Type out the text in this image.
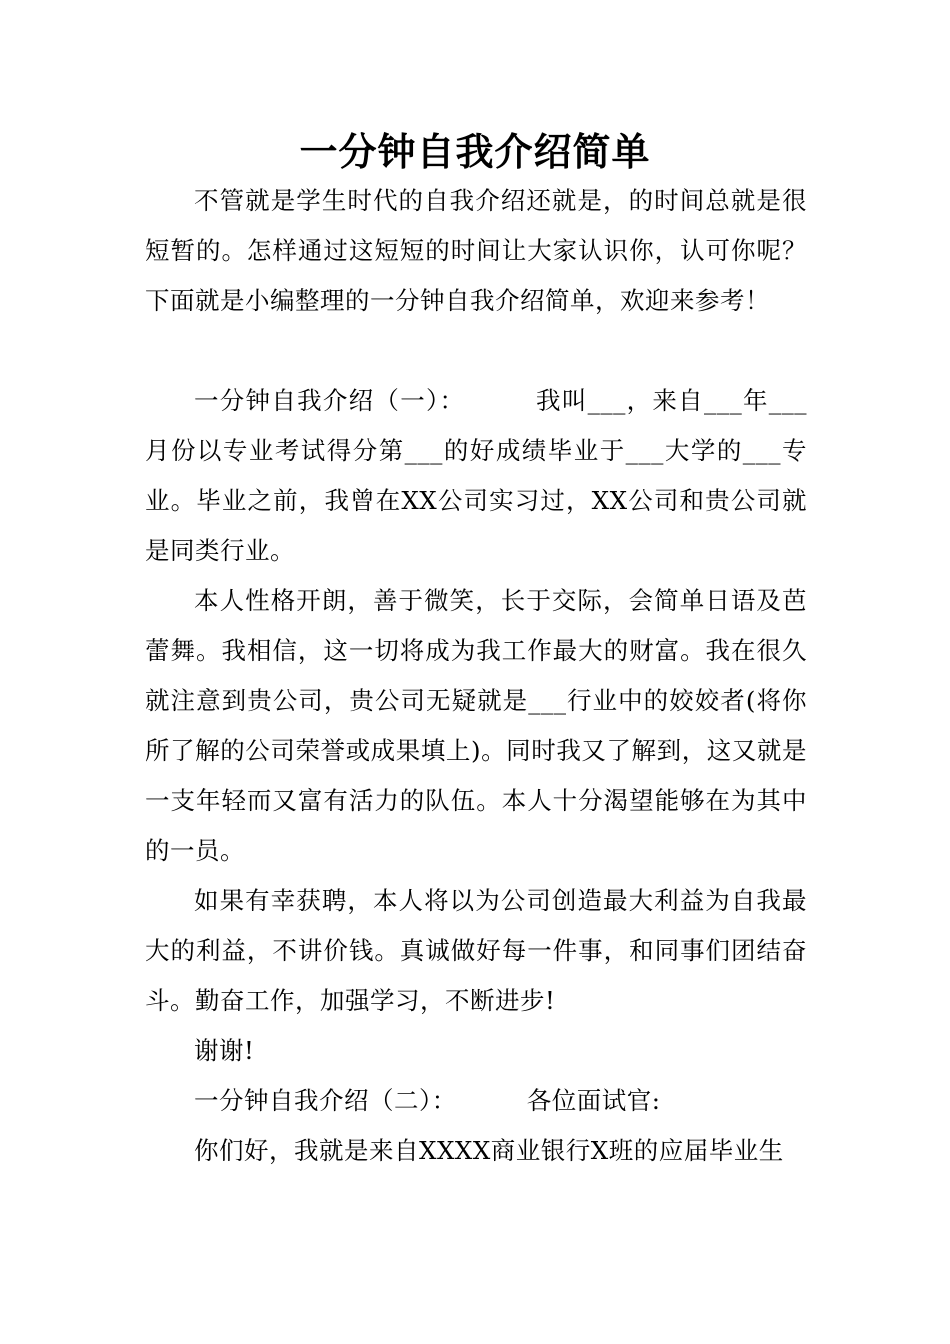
一分钟自我介绍简单

不管就是学生时代的自我介绍还就是，的时间总就是很短暂的。怎样通过这短短的时间让大家认识你，认可你呢？下面就是小编整理的一分钟自我介绍简单，欢迎来参考！

一分钟自我介绍（一）：	我叫___，来自___年___月份以专业考试得分第___的好成绩毕业于___大学的___专业。毕业之前，我曾在XX公司实习过，XX公司和贵公司就是同类行业。

本人性格开朗，善于微笑，长于交际，会简单日语及芭蕾舞。我相信，这一切将成为我工作最大的财富。我在很久就注意到贵公司，贵公司无疑就是___行业中的姣姣者(将你所了解的公司荣誉或成果填上)。同时我又了解到，这又就是一支年轻而又富有活力的队伍。本人十分渴望能够在为其中的一员。

如果有幸获聘，本人将以为公司创造最大利益为自我最大的利益，不讲价钱。真诚做好每一件事，和同事们团结奋斗。勤奋工作，加强学习，不断进步!

谢谢!

一分钟自我介绍（二）：	各位面试官:

你们好，我就是来自XXXX商业银行X班的应届毕业生
